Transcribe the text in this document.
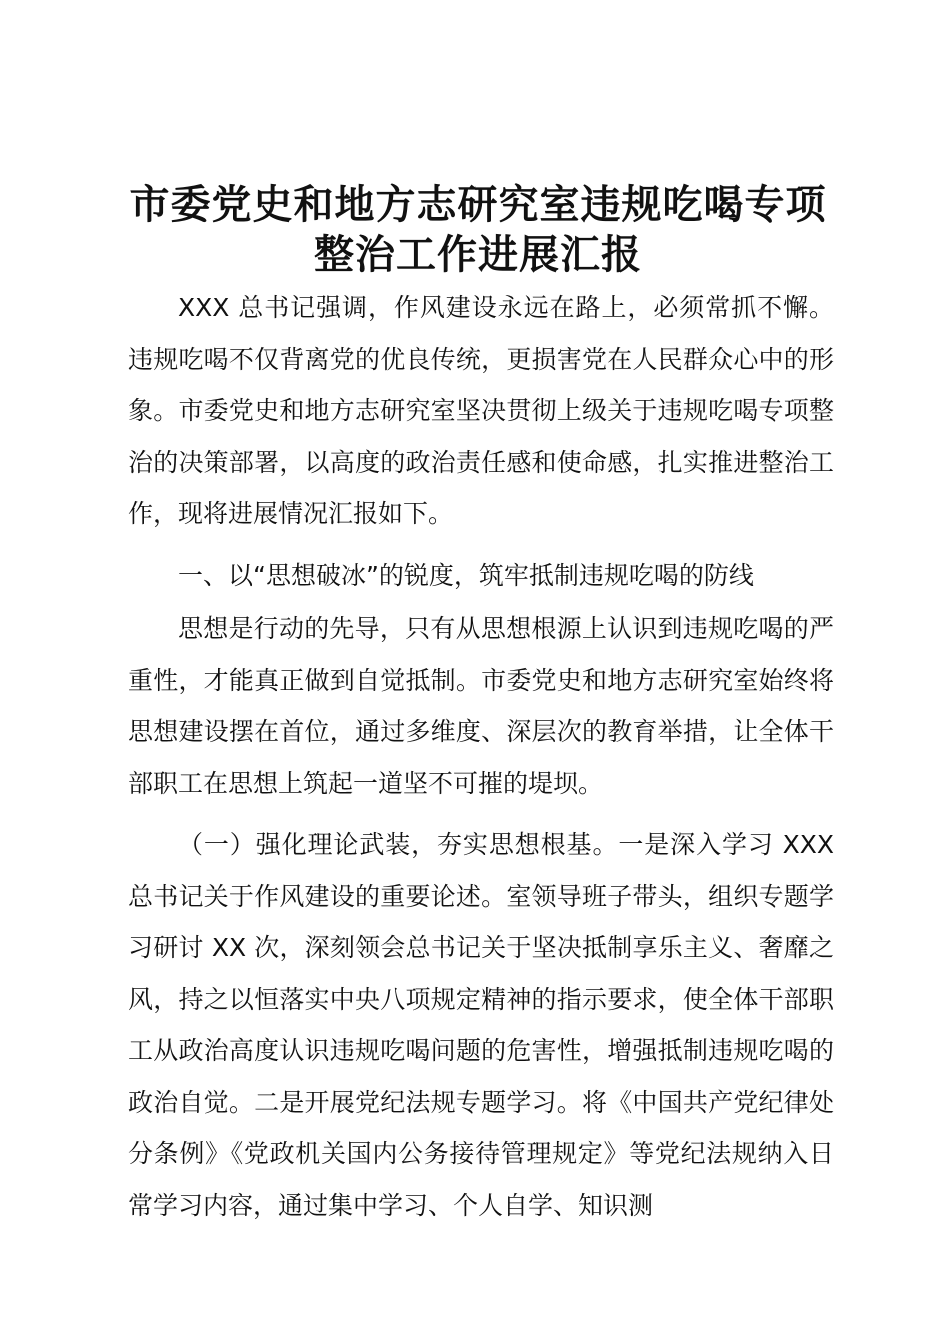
市委党史和地方志研究室违规吃喝专项整治工作进展汇报

XXX 总书记强调，作风建设永远在路上，必须常抓不懈。违规吃喝不仅背离党的优良传统，更损害党在人民群众心中的形象。市委党史和地方志研究室坚决贯彻上级关于违规吃喝专项整治的决策部署，以高度的政治责任感和使命感，扎实推进整治工作，现将进展情况汇报如下。

一、以“思想破冰”的锐度，筑牢抵制违规吃喝的防线

思想是行动的先导，只有从思想根源上认识到违规吃喝的严重性，才能真正做到自觉抵制。市委党史和地方志研究室始终将思想建设摆在首位，通过多维度、深层次的教育举措，让全体干部职工在思想上筑起一道坚不可摧的堤坝。

（一）强化理论武装，夯实思想根基。一是深入学习 XXX 总书记关于作风建设的重要论述。室领导班子带头，组织专题学习研讨 XX 次，深刻领会总书记关于坚决抵制享乐主义、奢靡之风，持之以恒落实中央八项规定精神的指示要求，使全体干部职工从政治高度认识违规吃喝问题的危害性，增强抵制违规吃喝的政治自觉。二是开展党纪法规专题学习。将《中国共产党纪律处分条例》《党政机关国内公务接待管理规定》等党纪法规纳入日常学习内容，通过集中学习、个人自学、知识测
